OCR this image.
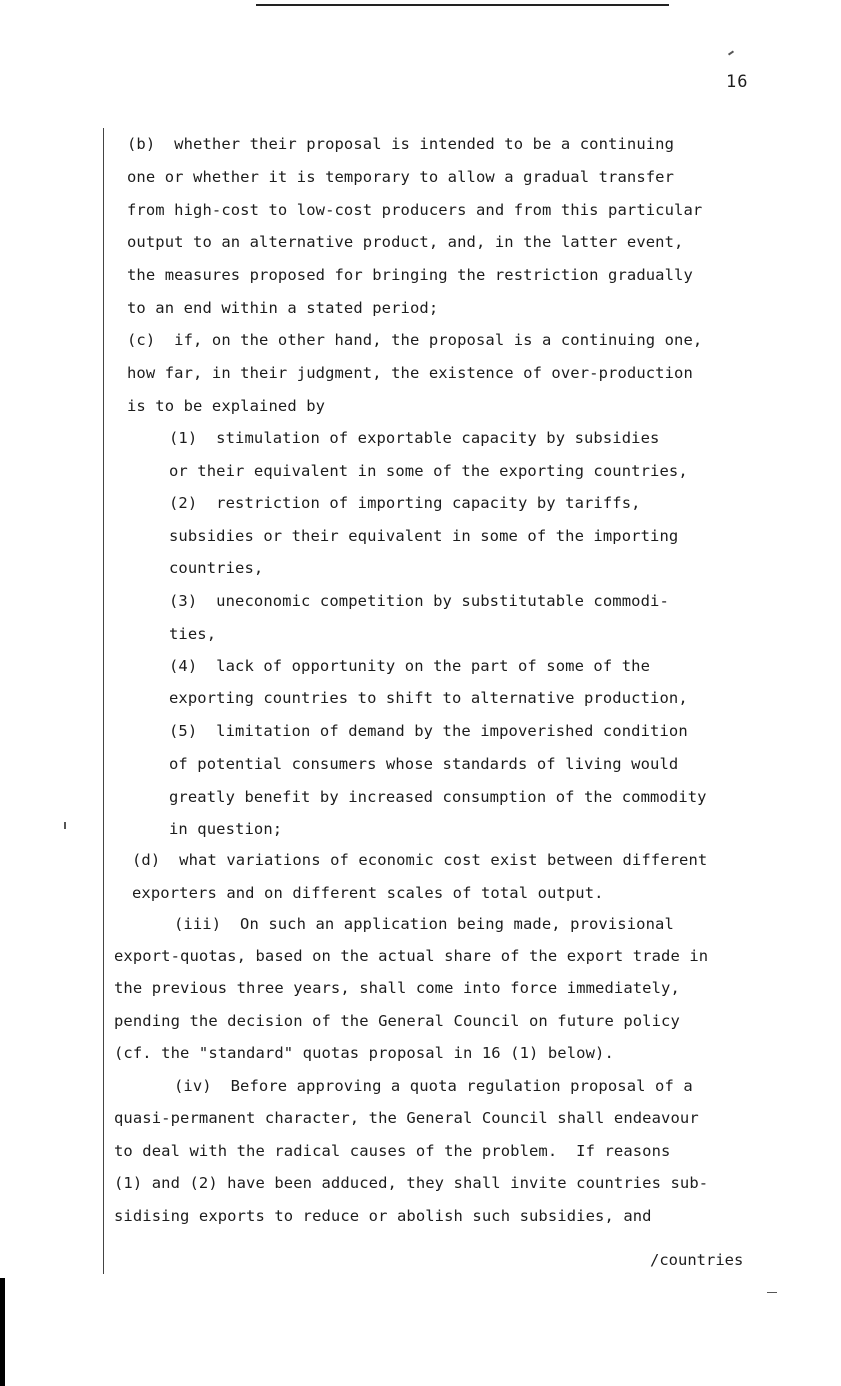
16
(b)  whether their proposal is intended to be a continuing
one or whether it is temporary to allow a gradual transfer
from high-cost to low-cost producers and from this particular
output to an alternative product, and, in the latter event,
the measures proposed for bringing the restriction gradually
to an end within a stated period;
(c)  if, on the other hand, the proposal is a continuing one,
how far, in their judgment, the existence of over-production
is to be explained by
(1)  stimulation of exportable capacity by subsidies
or their equivalent in some of the exporting countries,
(2)  restriction of importing capacity by tariffs,
subsidies or their equivalent in some of the importing
countries,
(3)  uneconomic competition by substitutable commodi-
ties,
(4)  lack of opportunity on the part of some of the
exporting countries to shift to alternative production,
(5)  limitation of demand by the impoverished condition
of potential consumers whose standards of living would
greatly benefit by increased consumption of the commodity
in question;
(d)  what variations of economic cost exist between different
exporters and on different scales of total output.
(iii)  On such an application being made, provisional
export-quotas, based on the actual share of the export trade in
the previous three years, shall come into force immediately,
pending the decision of the General Council on future policy
(cf. the "standard" quotas proposal in 16 (1) below).
(iv)  Before approving a quota regulation proposal of a
quasi-permanent character, the General Council shall endeavour
to deal with the radical causes of the problem.  If reasons
(1) and (2) have been adduced, they shall invite countries sub-
sidising exports to reduce or abolish such subsidies, and
/countries
